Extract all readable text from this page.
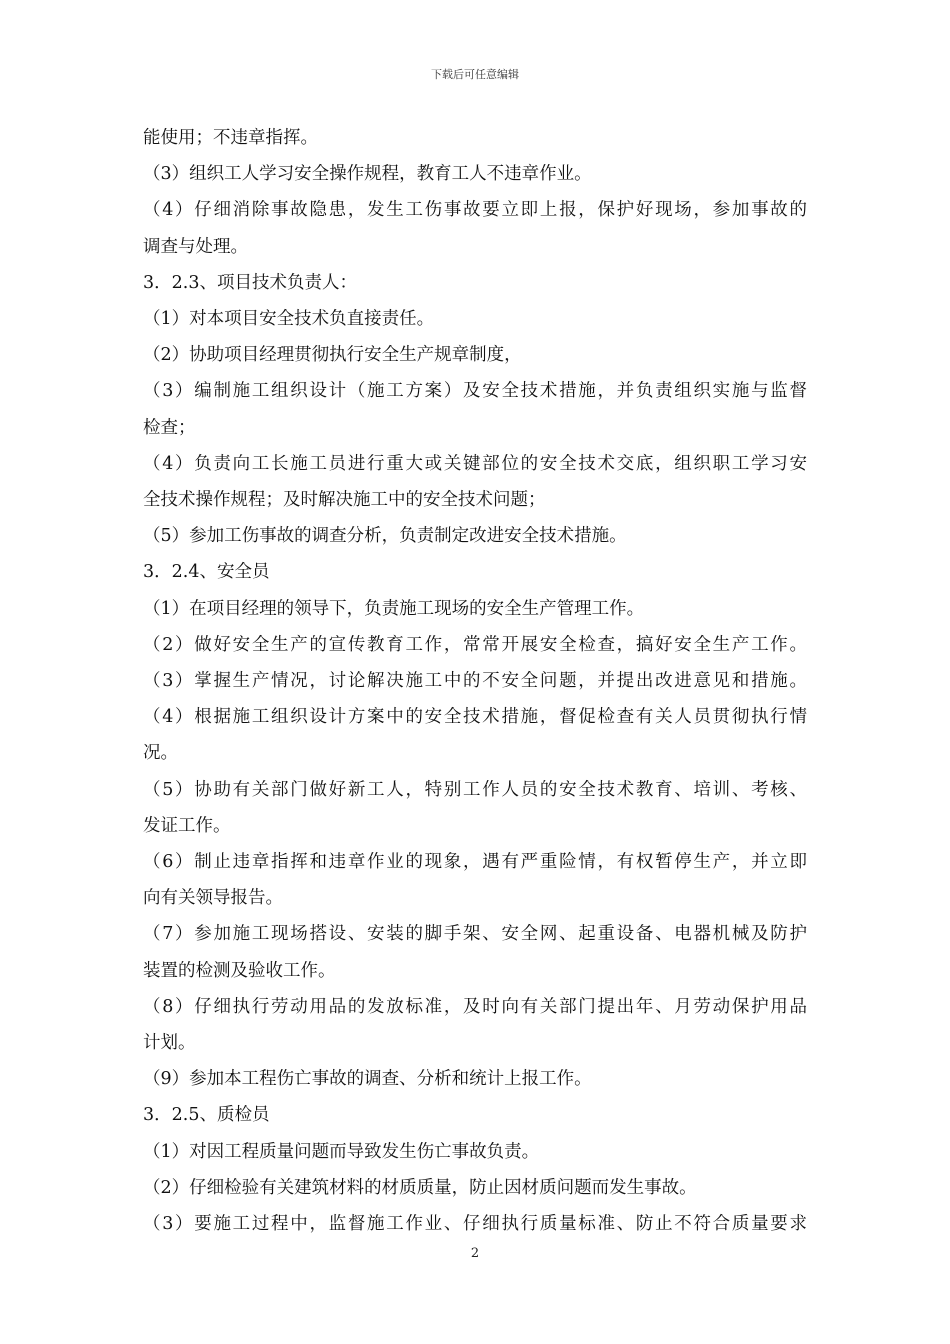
下载后可任意编辑
能使用；不违章指挥。
（3）组织工人学习安全操作规程，教育工人不违章作业。
（4）仔细消除事故隐患，发生工伤事故要立即上报，保护好现场，参加事故的
调查与处理。
3．2.3、项目技术负责人：
（1）对本项目安全技术负直接责任。
（2）协助项目经理贯彻执行安全生产规章制度，
（3）编制施工组织设计（施工方案）及安全技术措施，并负责组织实施与监督
检查；
（4）负责向工长施工员进行重大或关键部位的安全技术交底，组织职工学习安
全技术操作规程；及时解决施工中的安全技术问题；
（5）参加工伤事故的调查分析，负责制定改进安全技术措施。
3．2.4、安全员
（1）在项目经理的领导下，负责施工现场的安全生产管理工作。
（2）做好安全生产的宣传教育工作，常常开展安全检查，搞好安全生产工作。
（3）掌握生产情况，讨论解决施工中的不安全问题，并提出改进意见和措施。
（4）根据施工组织设计方案中的安全技术措施，督促检查有关人员贯彻执行情
况。
（5）协助有关部门做好新工人，特别工作人员的安全技术教育、培训、考核、
发证工作。
（6）制止违章指挥和违章作业的现象，遇有严重险情，有权暂停生产，并立即
向有关领导报告。
（7）参加施工现场搭设、安装的脚手架、安全网、起重设备、电器机械及防护
装置的检测及验收工作。
（8）仔细执行劳动用品的发放标准，及时向有关部门提出年、月劳动保护用品
计划。
（9）参加本工程伤亡事故的调查、分析和统计上报工作。
3．2.5、质检员
（1）对因工程质量问题而导致发生伤亡事故负责。
（2）仔细检验有关建筑材料的材质质量，防止因材质问题而发生事故。
（3）要施工过程中，监督施工作业、仔细执行质量标准、防止不符合质量要求
2
